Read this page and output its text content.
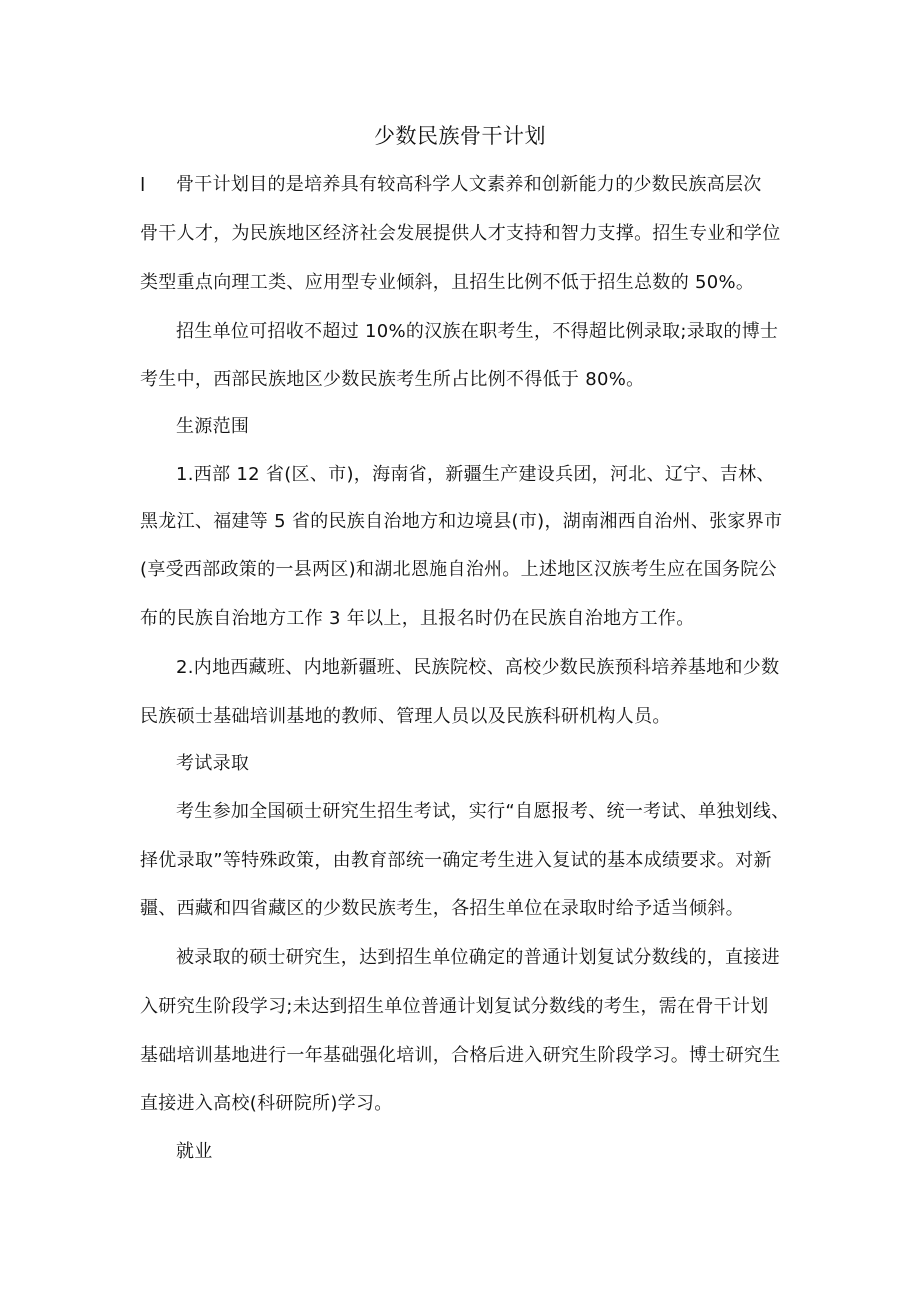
少数民族骨干计划
l 骨干计划目的是培养具有较高科学人文素养和创新能力的少数民族高层次
骨干人才，为民族地区经济社会发展提供人才支持和智力支撑。招生专业和学位
类型重点向理工类、应用型专业倾斜，且招生比例不低于招生总数的 50%。
招生单位可招收不超过 10%的汉族在职考生，不得超比例录取;录取的博士
考生中，西部民族地区少数民族考生所占比例不得低于 80%。
生源范围
1.西部 12 省(区、市)，海南省，新疆生产建设兵团，河北、辽宁、吉林、
黑龙江、福建等 5 省的民族自治地方和边境县(市)，湖南湘西自治州、张家界市
(享受西部政策的一县两区)和湖北恩施自治州。上述地区汉族考生应在国务院公
布的民族自治地方工作 3 年以上，且报名时仍在民族自治地方工作。
2.内地西藏班、内地新疆班、民族院校、高校少数民族预科培养基地和少数
民族硕士基础培训基地的教师、管理人员以及民族科研机构人员。
考试录取
考生参加全国硕士研究生招生考试，实行“自愿报考、统一考试、单独划线、
择优录取”等特殊政策，由教育部统一确定考生进入复试的基本成绩要求。对新
疆、西藏和四省藏区的少数民族考生，各招生单位在录取时给予适当倾斜。
被录取的硕士研究生，达到招生单位确定的普通计划复试分数线的，直接进
入研究生阶段学习;未达到招生单位普通计划复试分数线的考生，需在骨干计划
基础培训基地进行一年基础强化培训，合格后进入研究生阶段学习。博士研究生
直接进入高校(科研院所)学习。
就业
